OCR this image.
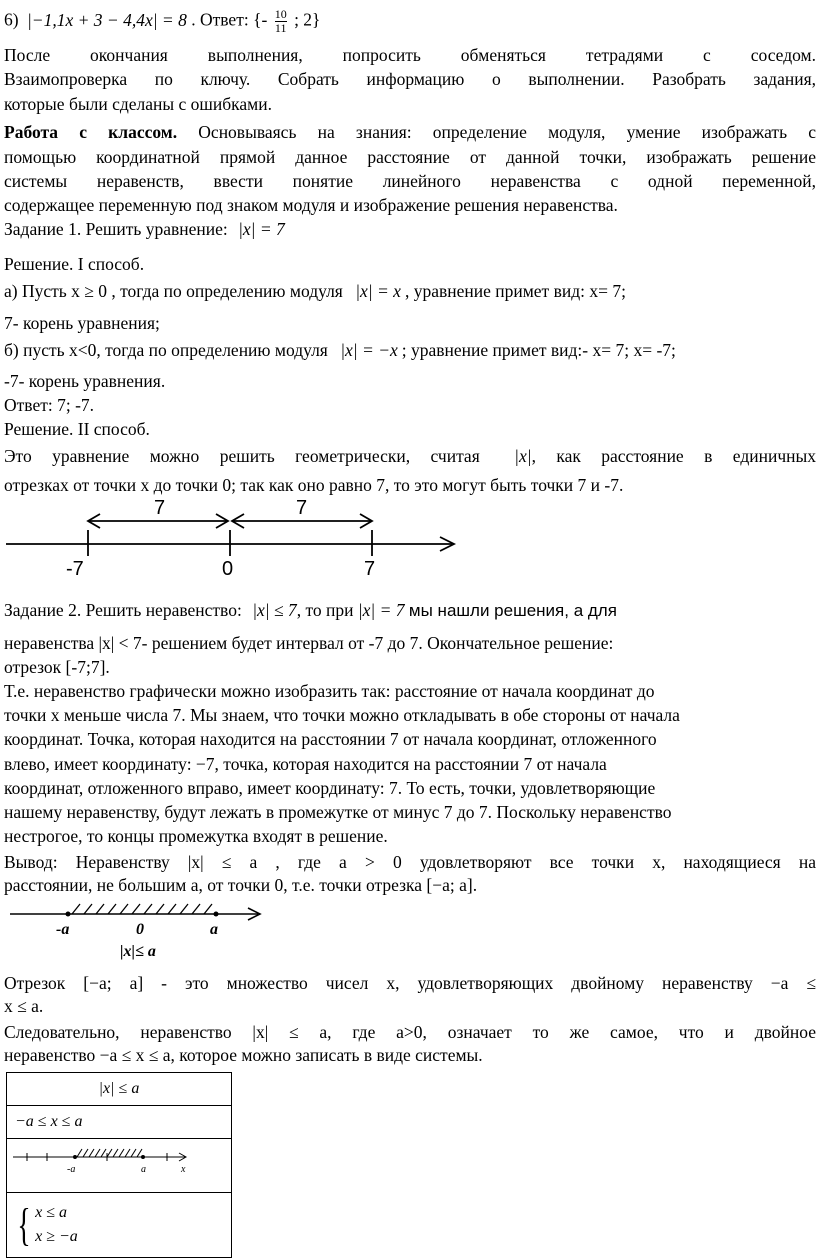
6) |−1,1x + 3 − 4,4x| = 8 . Ответ: {- $\frac{10}{11}$ ; 2}
После окончания выполнения, попросить обменяться тетрадями с соседом.
Взаимопроверка по ключу. Собрать информацию о выполнении. Разобрать задания,
которые были сделаны с ошибками.
Работа с классом. Основываясь на знания: определение модуля, умение изображать с
помощью координатной прямой данное расстояние от данной точки, изображать решение
системы неравенств, ввести понятие линейного неравенства с одной переменной,
содержащее переменную под знаком модуля и изображение решения неравенства.
Задание 1. Решить уравнение: |x| = 7
Решение. I способ.
а) Пусть x ≥ 0 , тогда по определению модуля |x| = x , уравнение примет вид: x= 7;
7- корень уравнения;
б) пусть x<0, тогда по определению модуля |x| = −x ; уравнение примет вид:- x= 7; x= -7;
-7- корень уравнения.
Ответ: 7; -7.
Решение. II способ.
Это уравнение можно решить геометрически, считая |x|, как расстояние в единичных
отрезках от точки x до точки 0; так как оно равно 7, то это могут быть точки 7 и -7.
7	7
-7	0	7
Задание 2. Решить неравенство: |x| ≤ 7, то при |x| = 7 мы нашли решения, а для
неравенства |x| < 7- решением будет интервал от -7 до 7. Окончательное решение:
отрезок [-7;7].
Т.е. неравенство графически можно изобразить так: расстояние от начала координат до
точки x меньше числа 7. Мы знаем, что точки можно откладывать в обе стороны от начала
координат. Точка, которая находится на расстоянии 7 от начала координат, отложенного
влево, имеет координату: −7, точка, которая находится на расстоянии 7 от начала
координат, отложенного вправо, имеет координату: 7. То есть, точки, удовлетворяющие
нашему неравенству, будут лежать в промежутке от минус 7 до 7. Поскольку неравенство
нестрогое, то концы промежутка входят в решение.
Вывод: Неравенству |x| ≤ a , где a > 0 удовлетворяют все точки x, находящиеся на
расстоянии, не большим a, от точки 0, т.е. точки отрезка [−a; a].
-a	0	a
|x|≤ a
Отрезок [−a; a] - это множество чисел x, удовлетворяющих двойному неравенству −a ≤
x ≤ a.
Следовательно, неравенство |x| ≤ a, где a>0, означает то же самое, что и двойное
неравенство −a ≤ x ≤ a, которое можно записать в виде системы.
|x| ≤ a
−a ≤ x ≤ a

-a	a	x

{ x ≤ a
x ≥ −a
